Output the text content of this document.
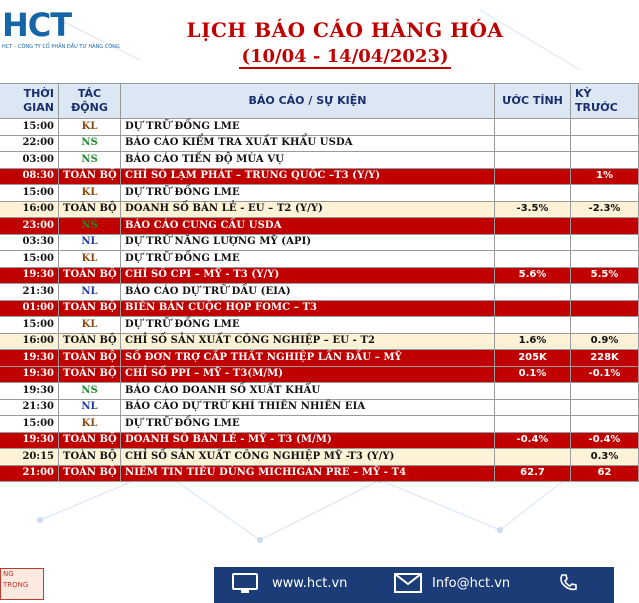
HCT
HCT – CÔNG TY CỔ PHẦN ĐẦU TƯ HÀNG CÔNG
LỊCH BÁO CÁO HÀNG HÓA
(10/04 - 14/04/2023)
THỜI GIAN	TÁC ĐỘNG	BÁO CÁO / SỰ KIỆN	ƯỚC TÍNH	KỲ TRƯỚC
15:00	KL	DỰ TRỮ ĐỒNG LME		
22:00	NS	BÁO CÁO KIỂM TRA XUẤT KHẨU USDA		
03:00	NS	BÁO CÁO TIẾN ĐỘ MÙA VỤ		
08:30	TOÀN BỘ	CHỈ SỐ LẠM PHÁT – TRUNG QUỐC –T3 (Y/Y)		1%
15:00	KL	DỰ TRỮ ĐỒNG LME		
16:00	TOÀN BỘ	DOANH SỐ BÁN LẺ - EU – T2 (Y/Y)	-3.5%	-2.3%
23:00	NS	BÁO CÁO CUNG CẦU USDA		
03:30	NL	DỰ TRỮ NĂNG LƯỢNG MỸ (API)		
15:00	KL	DỰ TRỮ ĐỒNG LME		
19:30	TOÀN BỘ	CHỈ SỐ CPI – MỸ - T3 (Y/Y)	5.6%	5.5%
21:30	NL	BÁO CÁO DỰ TRỮ DẦU (EIA)		
01:00	TOÀN BỘ	BIÊN BẢN CUỘC HỌP FOMC – T3		
15:00	KL	DỰ TRỮ ĐỒNG LME		
16:00	TOÀN BỘ	CHỈ SỐ SẢN XUẤT CÔNG NGHIỆP – EU - T2	1.6%	0.9%
19:30	TOÀN BỘ	SỐ ĐƠN TRỢ CẤP THẤT NGHIỆP LẦN ĐẦU – MỸ	205K	228K
19:30	TOÀN BỘ	CHỈ SỐ PPI – MỸ - T3(M/M)	0.1%	-0.1%
19:30	NS	BÁO CÁO DOANH SỐ XUẤT KHẨU		
21:30	NL	BÁO CÁO DỰ TRỮ KHÍ THIÊN NHIÊN EIA		
15:00	KL	DỰ TRỮ ĐỒNG LME		
19:30	TOÀN BỘ	DOANH SỐ BÁN LẺ - MỸ - T3 (M/M)	-0.4%	-0.4%
20:15	TOÀN BỘ	CHỈ SỐ SẢN XUẤT CÔNG NGHIỆP MỸ -T3 (Y/Y)		0.3%
21:00	TOÀN BỘ	NIỀM TIN TIÊU DÙNG MICHIGAN PRE – MỸ - T4	62.7	62
NG
TRỌNG	www.hct.vn	Info@hct.vn
